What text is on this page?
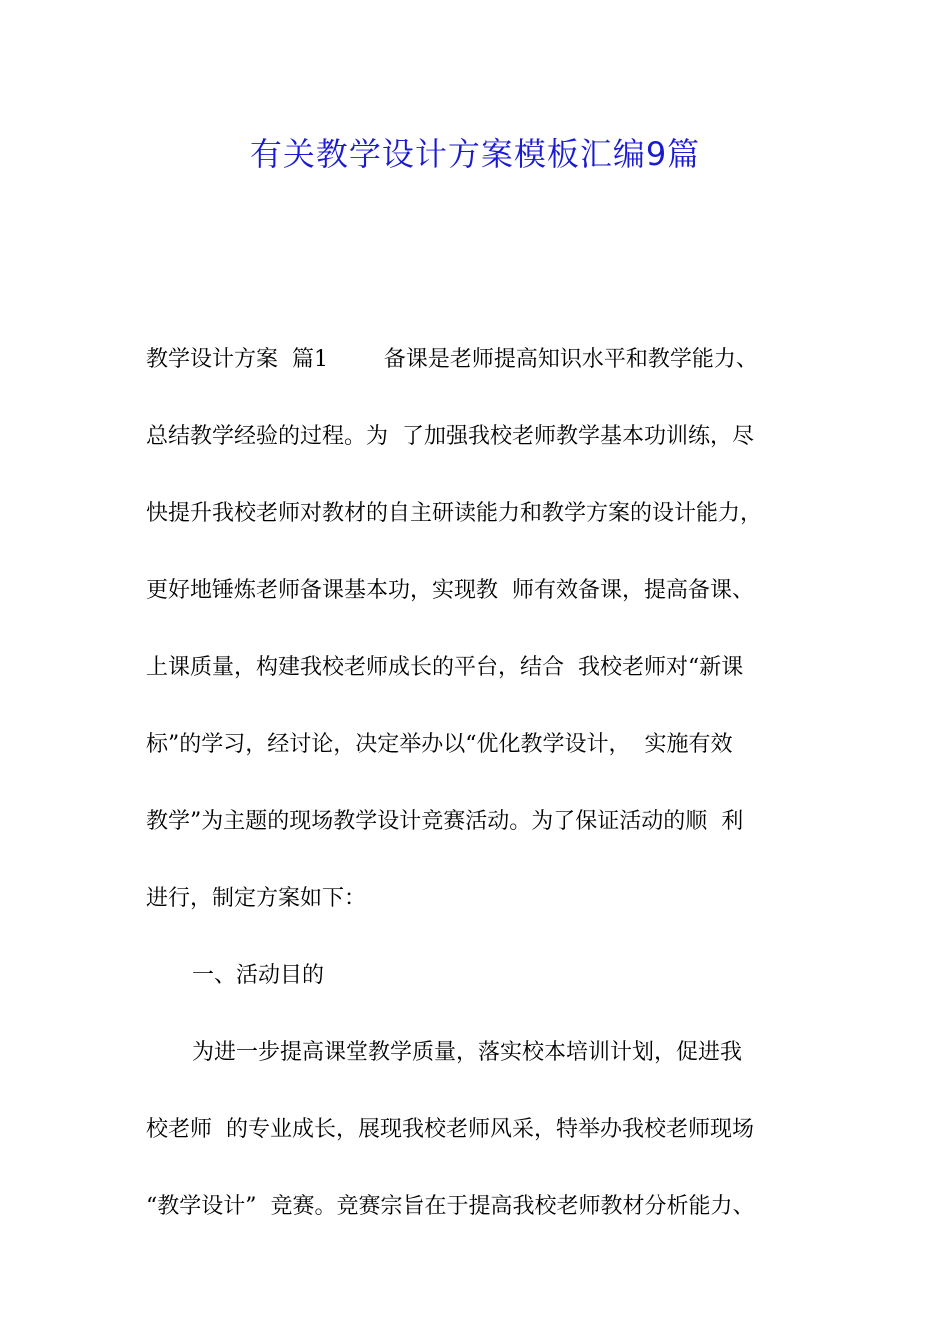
有关教学设计方案模板汇编9篇
教学设计方案  篇1        备课是老师提高知识水平和教学能力、
总结教学经验的过程。为  了加强我校老师教学基本功训练，尽
快提升我校老师对教材的自主研读能力和教学方案的设计能力，
更好地锤炼老师备课基本功，实现教  师有效备课，提高备课、
上课质量，构建我校老师成长的平台，结合  我校老师对“新课
标”的学习，经讨论，决定举办以“优化教学设计，  实施有效
教学”为主题的现场教学设计竞赛活动。为了保证活动的顺  利
进行，制定方案如下：
一、活动目的
为进一步提高课堂教学质量，落实校本培训计划，促进我
校老师  的专业成长，展现我校老师风采，特举办我校老师现场
“教学设计”  竞赛。竞赛宗旨在于提高我校老师教材分析能力、
